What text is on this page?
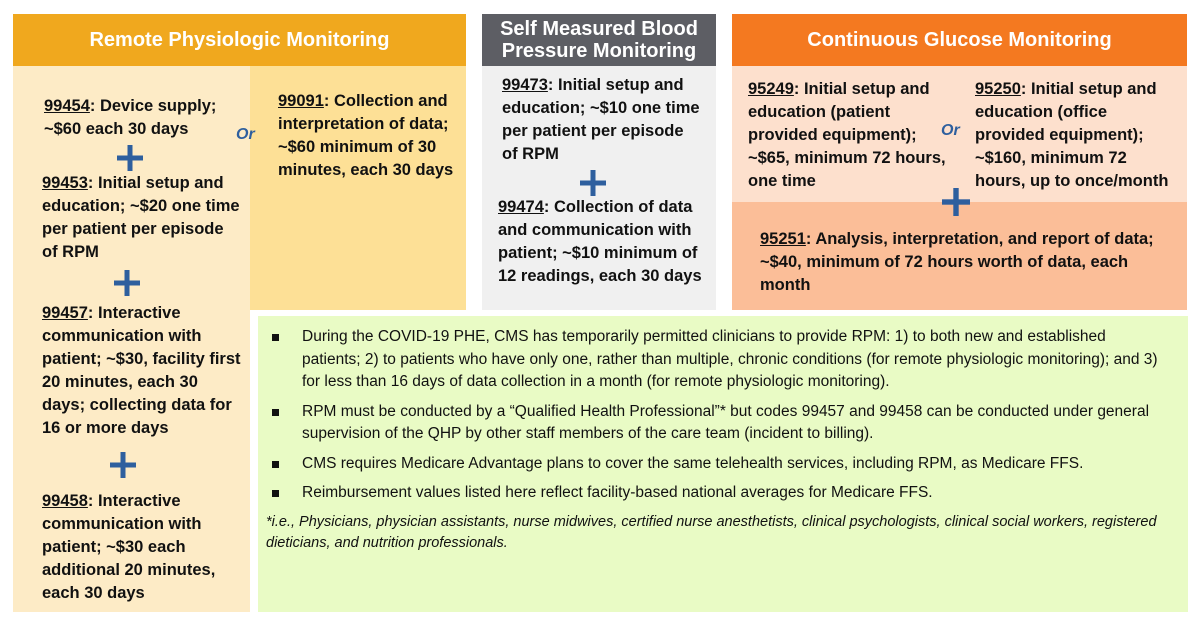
Remote Physiologic Monitoring
99454: Device supply; ~$60 each 30 days
99453: Initial setup and education; ~$20 one time per patient per episode of RPM
99457: Interactive communication with patient; ~$30, facility first 20 minutes, each 30 days; collecting data for 16 or more days
99458: Interactive communication with patient; ~$30 each additional 20 minutes, each 30 days
Or
99091: Collection and interpretation of data; ~$60 minimum of 30 minutes, each 30 days
Self Measured Blood Pressure Monitoring
99473: Initial setup and education; ~$10 one time per patient per episode of RPM
99474: Collection of data and communication with patient; ~$10 minimum of 12 readings, each 30 days
Continuous Glucose Monitoring
95249: Initial setup and education (patient provided equipment); ~$65, minimum 72 hours, one time
Or
95250: Initial setup and education (office provided equipment); ~$160, minimum 72 hours, up to once/month
95251: Analysis, interpretation, and report of data; ~$40, minimum of 72 hours worth of data, each month
During the COVID-19 PHE, CMS has temporarily permitted clinicians to provide RPM: 1) to both new and established patients; 2) to patients who have only one, rather than multiple, chronic conditions (for remote physiologic monitoring); and 3) for less than 16 days of data collection in a month (for remote physiologic monitoring).
RPM must be conducted by a “Qualified Health Professional”* but codes 99457 and 99458 can be conducted under general supervision of the QHP by other staff members of the care team (incident to billing).
CMS requires Medicare Advantage plans to cover the same telehealth services, including RPM, as Medicare FFS.
Reimbursement values listed here reflect facility-based national averages for Medicare FFS.
*i.e., Physicians, physician assistants, nurse midwives, certified nurse anesthetists, clinical psychologists, clinical social workers, registered dieticians, and nutrition professionals.
